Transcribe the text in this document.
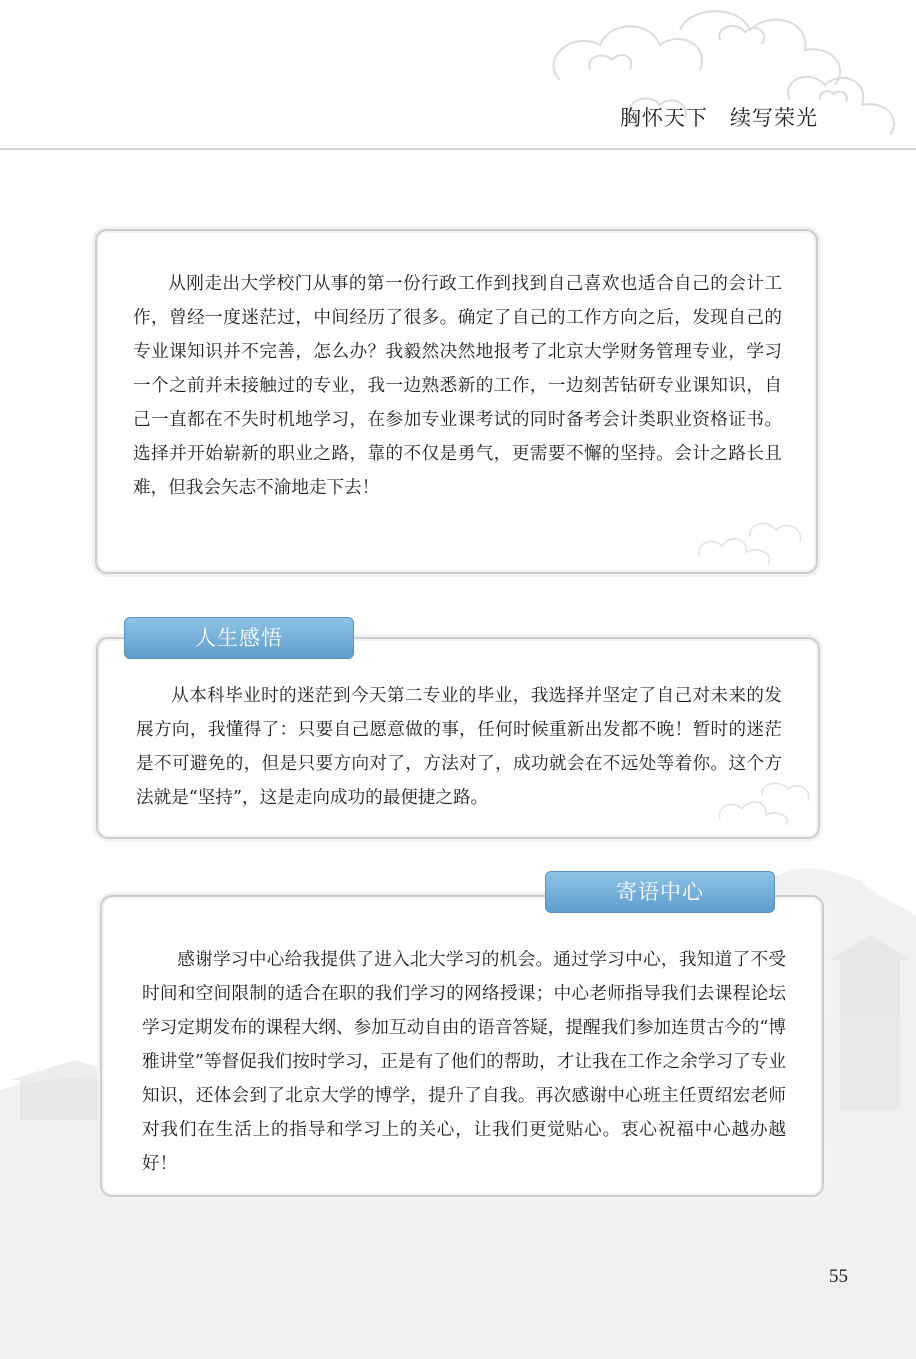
胸怀天下　续写荣光

从刚走出大学校门从事的第一份行政工作到找到自己喜欢也适合自己的会计工作，曾经一度迷茫过，中间经历了很多。确定了自己的工作方向之后，发现自己的专业课知识并不完善，怎么办？我毅然决然地报考了北京大学财务管理专业，学习一个之前并未接触过的专业，我一边熟悉新的工作，一边刻苦钻研专业课知识，自己一直都在不失时机地学习，在参加专业课考试的同时备考会计类职业资格证书。选择并开始崭新的职业之路，靠的不仅是勇气，更需要不懈的坚持。会计之路长且难，但我会矢志不渝地走下去！

从本科毕业时的迷茫到今天第二专业的毕业，我选择并坚定了自己对未来的发展方向，我懂得了：只要自己愿意做的事，任何时候重新出发都不晚！暂时的迷茫是不可避免的，但是只要方向对了，方法对了，成功就会在不远处等着你。这个方法就是“坚持”，这是走向成功的最便捷之路。

人生感悟

感谢学习中心给我提供了进入北大学习的机会。通过学习中心，我知道了不受时间和空间限制的适合在职的我们学习的网络授课；中心老师指导我们去课程论坛学习定期发布的课程大纲、参加互动自由的语音答疑，提醒我们参加连贯古今的“博雅讲堂”等督促我们按时学习，正是有了他们的帮助，才让我在工作之余学习了专业知识，还体会到了北京大学的博学，提升了自我。再次感谢中心班主任贾绍宏老师对我们在生活上的指导和学习上的关心，让我们更觉贴心。衷心祝福中心越办越好！

寄语中心
55
